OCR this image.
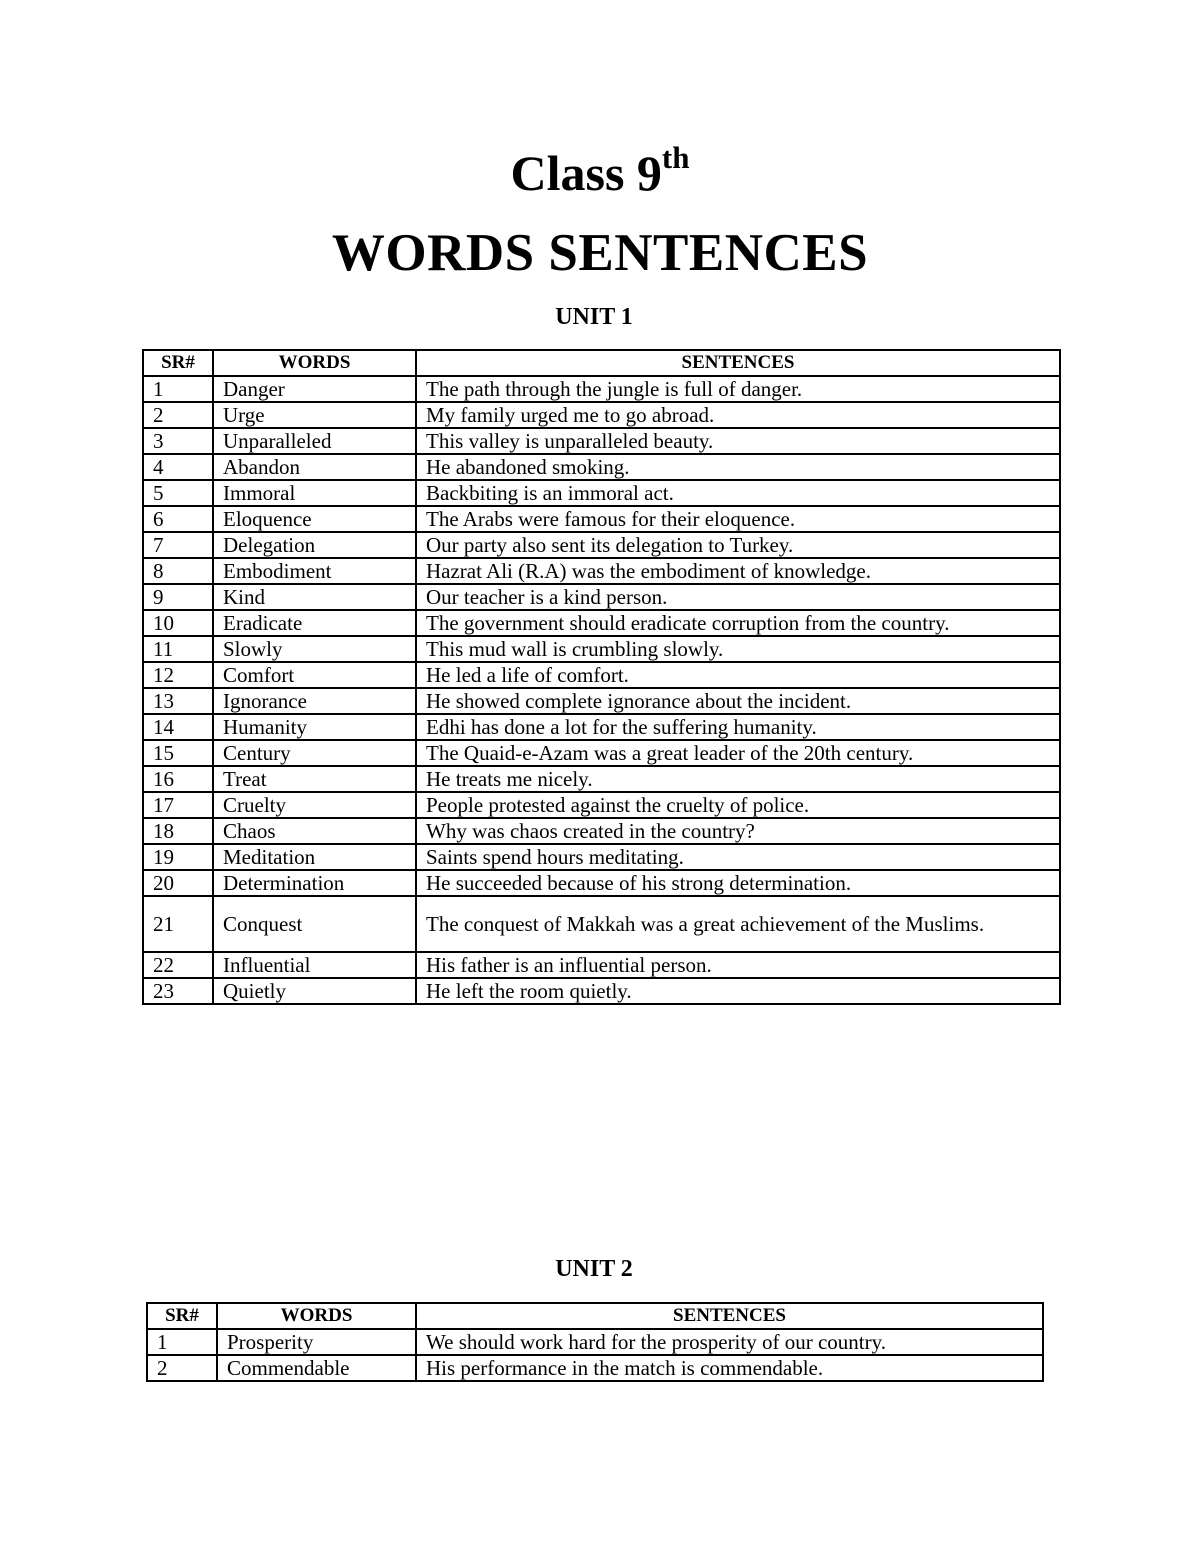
Class 9th
WORDS SENTENCES
UNIT 1
SR#	WORDS	SENTENCES
1	Danger	The path through the jungle is full of danger.
2	Urge	My family urged me to go abroad.
3	Unparalleled	This valley is unparalleled beauty.
4	Abandon	He abandoned smoking.
5	Immoral	Backbiting is an immoral act.
6	Eloquence	The Arabs were famous for their eloquence.
7	Delegation	Our party also sent its delegation to Turkey.
8	Embodiment	Hazrat Ali (R.A) was the embodiment of knowledge.
9	Kind	Our teacher is a kind person.
10	Eradicate	The government should eradicate corruption from the country.
11	Slowly	This mud wall is crumbling slowly.
12	Comfort	He led a life of comfort.
13	Ignorance	He showed complete ignorance about the incident.
14	Humanity	Edhi has done a lot for the suffering humanity.
15	Century	The Quaid-e-Azam was a great leader of the 20th century.
16	Treat	He treats me nicely.
17	Cruelty	People protested against the cruelty of police.
18	Chaos	Why was chaos created in the country?
19	Meditation	Saints spend hours meditating.
20	Determination	He succeeded because of his strong determination.
21	Conquest	The conquest of Makkah was a great achievement of the Muslims.
22	Influential	His father is an influential person.
23	Quietly	He left the room quietly.
UNIT 2
SR#	WORDS	SENTENCES
1	Prosperity	We should work hard for the prosperity of our country.
2	Commendable	His performance in the match is commendable.
